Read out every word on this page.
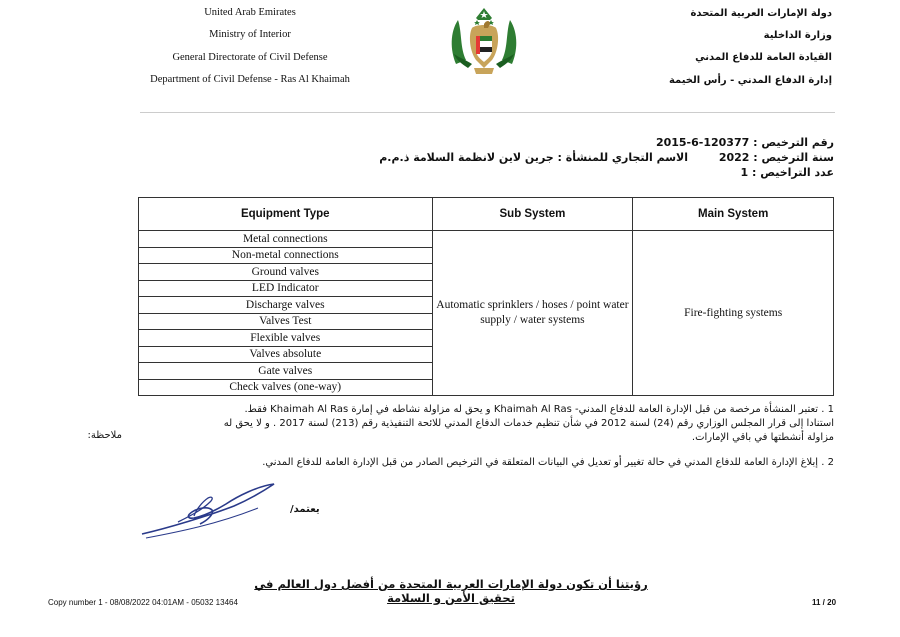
United Arab Emirates
Ministry of Interior
General Directorate of Civil Defense
Department of Civil Defense - Ras Al Khaimah
دولة الإمارات العربية المتحدة
وزارة الداخلية
القيادة العامة للدفاع المدني
إدارة الدفاع المدني - رأس الخيمة
رقم الترخيص : 2015-6-120377
سنة الترخيص : 2022
الاسم التجاري للمنشأة : جرين لاين لانظمة السلامة ذ.م.م
عدد التراخيص : 1
Equipment Type	Sub System	Main System
Metal connections	Automatic sprinklers / hoses / point water supply / water systems	Fire-fighting systems
Non-metal connections		
Ground valves		
LED Indicator		
Discharge valves		
Valves Test		
Flexible valves		
Valves absolute		
Gate valves		
Check valves (one-way)		
1 . تعتبر المنشأة مرخصة من قبل الإدارة العامة للدفاع المدني- Khaimah Al Ras و يحق له مزاولة نشاطه في إمارة Khaimah Al Ras فقط.
استنادا إلى قرار المجلس الوزاري رقم (24) لسنة 2012 في شأن تنظيم خدمات الدفاع المدني للائحة التنفيذية رقم (213) لسنة 2017 . و لا يحق له
مزاولة أنشطتها في باقي الإمارات.
ملاحظة:
2 . إبلاغ الإدارة العامة للدفاع المدني في حالة تغيير أو تعديل في البيانات المتعلقة في الترخيص الصادر من قبل الإدارة العامة للدفاع المدني.
يعتمد/
رؤيتنا أن تكون دولة الإمارات العربية المتحدة من أفضل دول العالم في تحقيق الأمن و السلامة
Copy number 1 - 08/08/2022 04:01AM - 05032 13464	11 / 20
